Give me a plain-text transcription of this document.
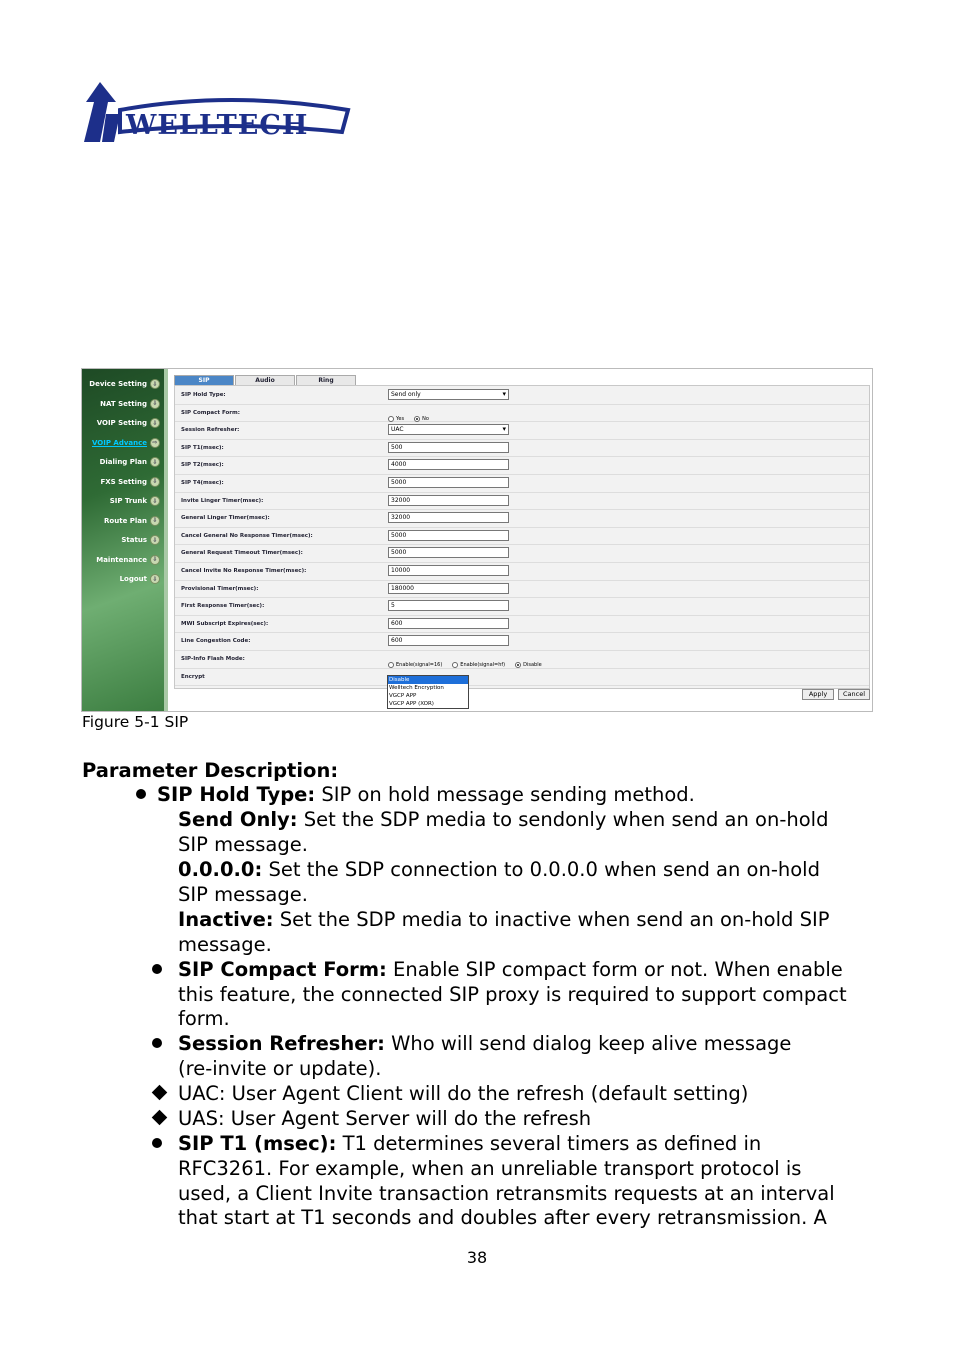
WELLTECH
Device Setting ⇩
NAT Setting ⇩
VOIP Setting ⇩
VOIP Advance ⇨
Dialing Plan ⇩
FXS Setting ⇩
SIP Trunk ⇩
Route Plan ⇩
Status ⇩
Maintenance ⇩
Logout ⇩
SIP	Audio	Ring
SIP Hold Type:	Send only ▾
SIP Compact Form:
Yes	No
Session Refresher:	UAC ▾
SIP T1(msec):	500
SIP T2(msec):	4000
SIP T4(msec):	5000
Invite Linger Timer(msec):	32000
General Linger Timer(msec):	32000
Cancel General No Response Timer(msec):	5000
General Request Timeout Timer(msec):	5000
Cancel Invite No Response Timer(msec):	10000
Provisional Timer(msec):	180000
First Response Timer(sec):	5
MWI Subscript Expires(sec):	600
Line Congestion Code:	600
SIP-Info Flash Mode:
Enable(signal=16)	Enable(signal=hf)	Disable
Encrypt
Disable
Welltech Encryption
VGCP APP
VGCP APP (XOR)
Apply	Cancel
Figure 5-1 SIP
Parameter Description:
SIP Hold Type: SIP on hold message sending method.
Send Only: Set the SDP media to sendonly when send an on-hold
SIP message.
0.0.0.0: Set the SDP connection to 0.0.0.0 when send an on-hold
SIP message.
Inactive: Set the SDP media to inactive when send an on-hold SIP
message.
SIP Compact Form: Enable SIP compact form or not. When enable
this feature, the connected SIP proxy is required to support compact
form.
Session Refresher: Who will send dialog keep alive message
(re-invite or update).
UAC: User Agent Client will do the refresh (default setting)
UAS: User Agent Server will do the refresh
SIP T1 (msec): T1 determines several timers as defined in
RFC3261. For example, when an unreliable transport protocol is
used, a Client Invite transaction retransmits requests at an interval
that start at T1 seconds and doubles after every retransmission. A
38
